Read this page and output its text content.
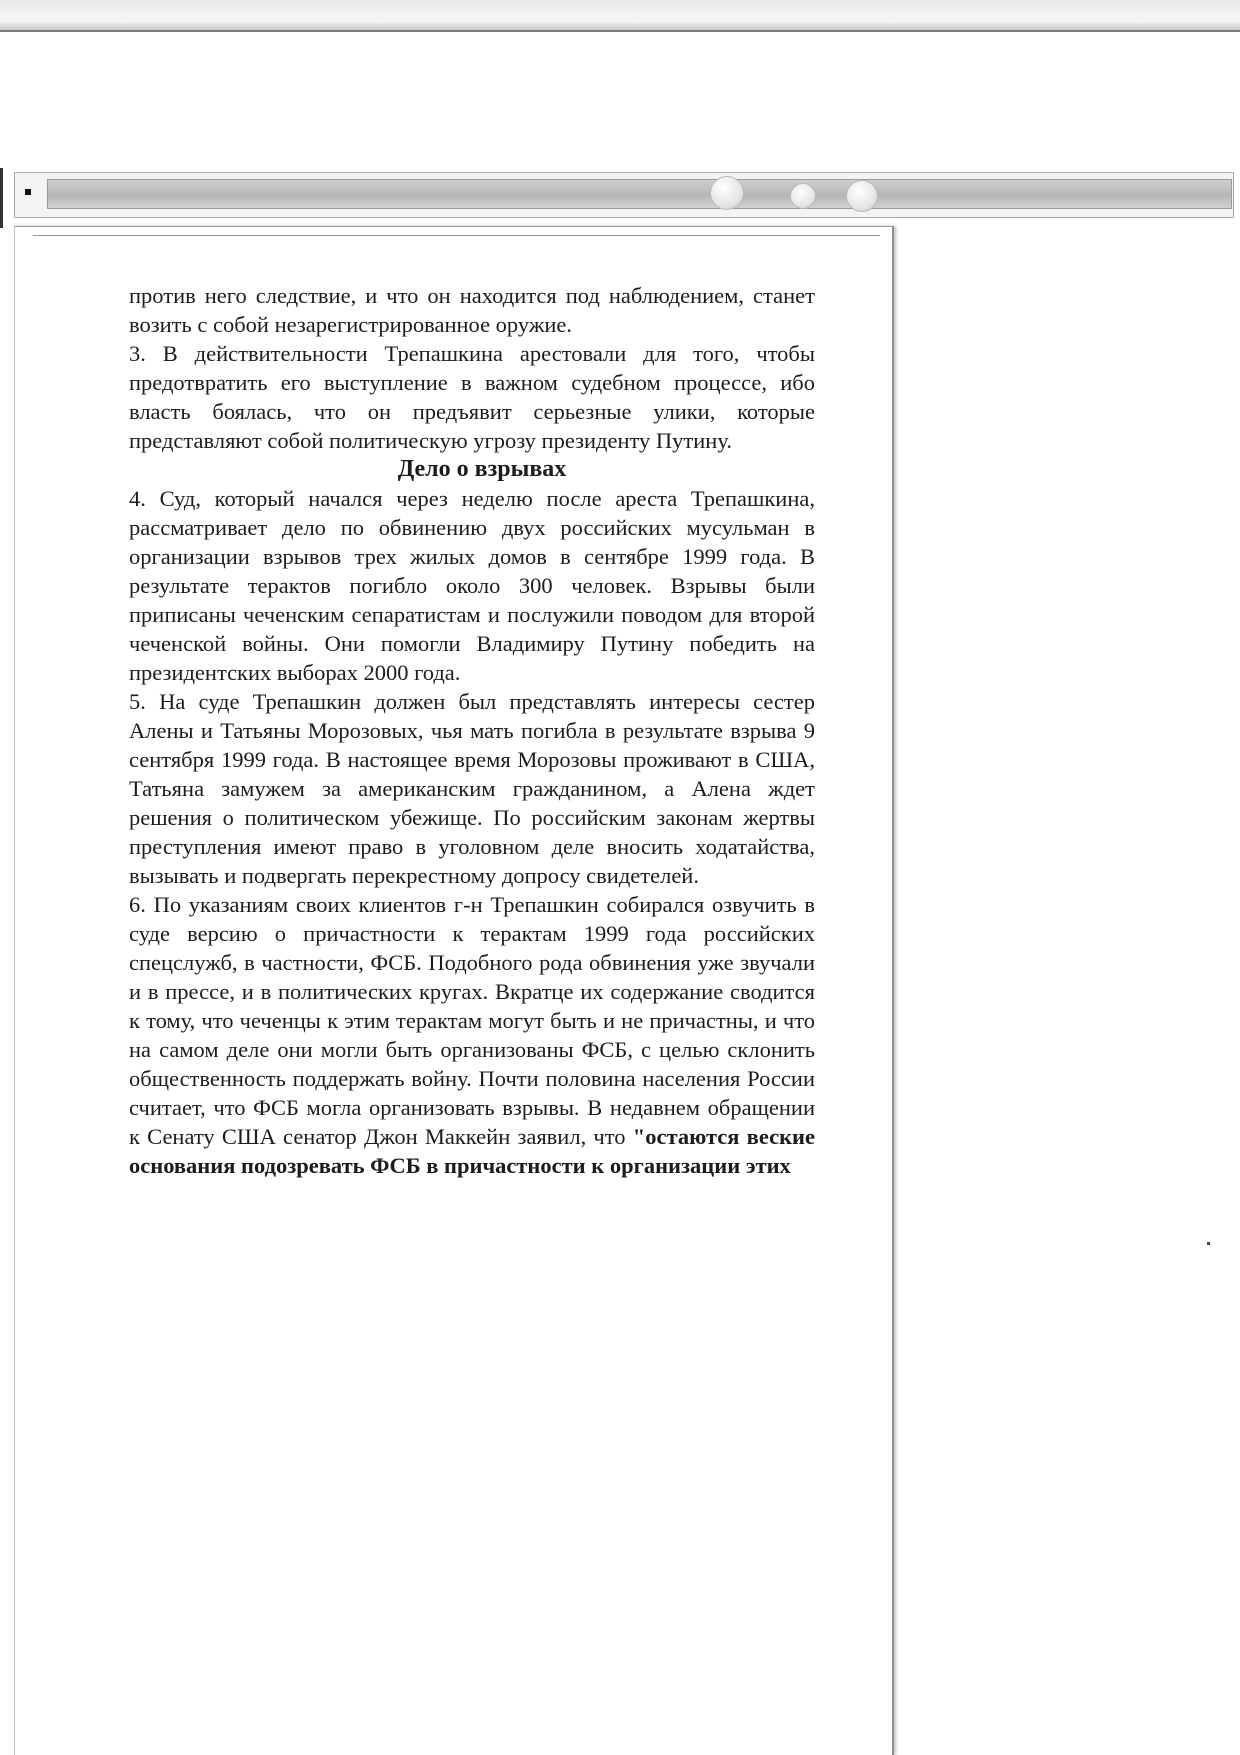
против него следствие, и что он находится под наблюдением, станет возить с собой незарегистрированное оружие.

3. В действительности Трепашкина арестовали для того, чтобы предотвратить его выступление в важном судебном процессе, ибо власть боялась, что он предъявит серьезные улики, которые представляют собой политическую угрозу президенту Путину.

Дело о взрывах

4. Суд, который начался через неделю после ареста Трепашкина, рассматривает дело по обвинению двух российских мусульман в организации взрывов трех жилых домов в сентябре 1999 года. В результате терактов погибло около 300 человек. Взрывы были приписаны чеченским сепаратистам и послужили поводом для второй чеченской войны. Они помогли Владимиру Путину победить на президентских выборах 2000 года.

5. На суде Трепашкин должен был представлять интересы сестер Алены и Татьяны Морозовых, чья мать погибла в результате взрыва 9 сентября 1999 года. В настоящее время Морозовы проживают в США, Татьяна замужем за американским гражданином, а Алена ждет решения о политическом убежище. По российским законам жертвы преступления имеют право в уголовном деле вносить ходатайства, вызывать и подвергать перекрестному допросу свидетелей.

6. По указаниям своих клиентов г-н Трепашкин собирался озвучить в суде версию о причастности к терактам 1999 года российских спецслужб, в частности, ФСБ. Подобного рода обвинения уже звучали и в прессе, и в политических кругах. Вкратце их содержание сводится к тому, что чеченцы к этим терактам могут быть и не причастны, и что на самом деле они могли быть организованы ФСБ, с целью склонить общественность поддержать войну. Почти половина населения России считает, что ФСБ могла организовать взрывы. В недавнем обращении к Сенату США сенатор Джон Маккейн заявил, что "остаются веские основания подозревать ФСБ в причастности к организации этих
